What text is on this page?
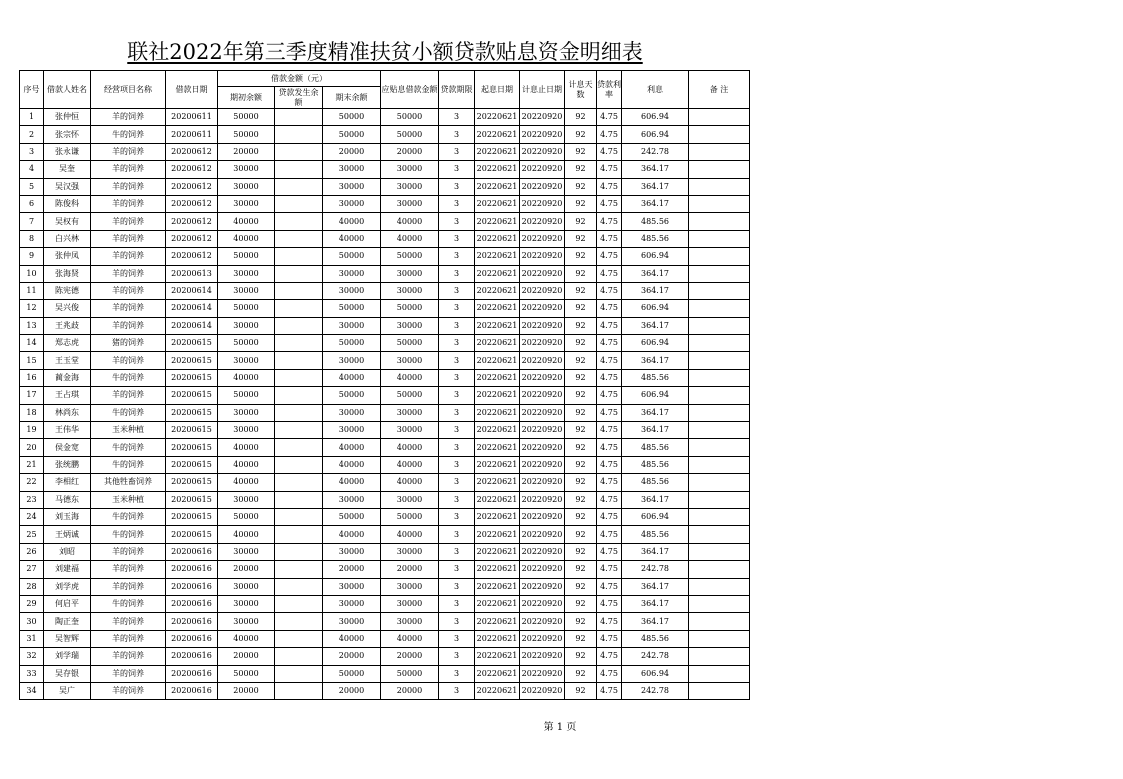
联社2022年第三季度精准扶贫小额贷款贴息资金明细表
序号	借款人姓名	经营项目名称	借款日期	借款金额（元）			应贴息借款金额	贷款期限	起息日期	计息止日期	计息天数	贷款利率	利息	备 注
				期初余额	贷款发生余额	期末余额								
1	张仲恒	羊的饲养	20200611	50000		50000	50000	3	20220621	20220920	92	4.75	606.94	
2	张宗怀	牛的饲养	20200611	50000		50000	50000	3	20220621	20220920	92	4.75	606.94	
3	张永谦	羊的饲养	20200612	20000		20000	20000	3	20220621	20220920	92	4.75	242.78	
4	吴奎	羊的饲养	20200612	30000		30000	30000	3	20220621	20220920	92	4.75	364.17	
5	吴汉强	羊的饲养	20200612	30000		30000	30000	3	20220621	20220920	92	4.75	364.17	
6	陈俊科	羊的饲养	20200612	30000		30000	30000	3	20220621	20220920	92	4.75	364.17	
7	吴权有	羊的饲养	20200612	40000		40000	40000	3	20220621	20220920	92	4.75	485.56	
8	白兴林	羊的饲养	20200612	40000		40000	40000	3	20220621	20220920	92	4.75	485.56	
9	张仲凤	羊的饲养	20200612	50000		50000	50000	3	20220621	20220920	92	4.75	606.94	
10	张海贤	羊的饲养	20200613	30000		30000	30000	3	20220621	20220920	92	4.75	364.17	
11	陈宪德	羊的饲养	20200614	30000		30000	30000	3	20220621	20220920	92	4.75	364.17	
12	吴兴俊	羊的饲养	20200614	50000		50000	50000	3	20220621	20220920	92	4.75	606.94	
13	王兆歧	羊的饲养	20200614	30000		30000	30000	3	20220621	20220920	92	4.75	364.17	
14	郑志虎	猪的饲养	20200615	50000		50000	50000	3	20220621	20220920	92	4.75	606.94	
15	王玉堂	羊的饲养	20200615	30000		30000	30000	3	20220621	20220920	92	4.75	364.17	
16	蔺金海	牛的饲养	20200615	40000		40000	40000	3	20220621	20220920	92	4.75	485.56	
17	王占琪	羊的饲养	20200615	50000		50000	50000	3	20220621	20220920	92	4.75	606.94	
18	林尚东	牛的饲养	20200615	30000		30000	30000	3	20220621	20220920	92	4.75	364.17	
19	王伟华	玉米种植	20200615	30000		30000	30000	3	20220621	20220920	92	4.75	364.17	
20	侯金宽	牛的饲养	20200615	40000		40000	40000	3	20220621	20220920	92	4.75	485.56	
21	张统鹏	牛的饲养	20200615	40000		40000	40000	3	20220621	20220920	92	4.75	485.56	
22	李相红	其他牲畜饲养	20200615	40000		40000	40000	3	20220621	20220920	92	4.75	485.56	
23	马德东	玉米种植	20200615	30000		30000	30000	3	20220621	20220920	92	4.75	364.17	
24	刘玉海	牛的饲养	20200615	50000		50000	50000	3	20220621	20220920	92	4.75	606.94	
25	王炳诚	牛的饲养	20200615	40000		40000	40000	3	20220621	20220920	92	4.75	485.56	
26	刘昭	羊的饲养	20200616	30000		30000	30000	3	20220621	20220920	92	4.75	364.17	
27	刘建福	羊的饲养	20200616	20000		20000	20000	3	20220621	20220920	92	4.75	242.78	
28	刘学虎	羊的饲养	20200616	30000		30000	30000	3	20220621	20220920	92	4.75	364.17	
29	何启平	牛的饲养	20200616	30000		30000	30000	3	20220621	20220920	92	4.75	364.17	
30	陶正奎	羊的饲养	20200616	30000		30000	30000	3	20220621	20220920	92	4.75	364.17	
31	吴智辉	羊的饲养	20200616	40000		40000	40000	3	20220621	20220920	92	4.75	485.56	
32	刘学瑞	羊的饲养	20200616	20000		20000	20000	3	20220621	20220920	92	4.75	242.78	
33	吴存银	羊的饲养	20200616	50000		50000	50000	3	20220621	20220920	92	4.75	606.94	
34	吴广	羊的饲养	20200616	20000		20000	20000	3	20220621	20220920	92	4.75	242.78	
第 1 页
